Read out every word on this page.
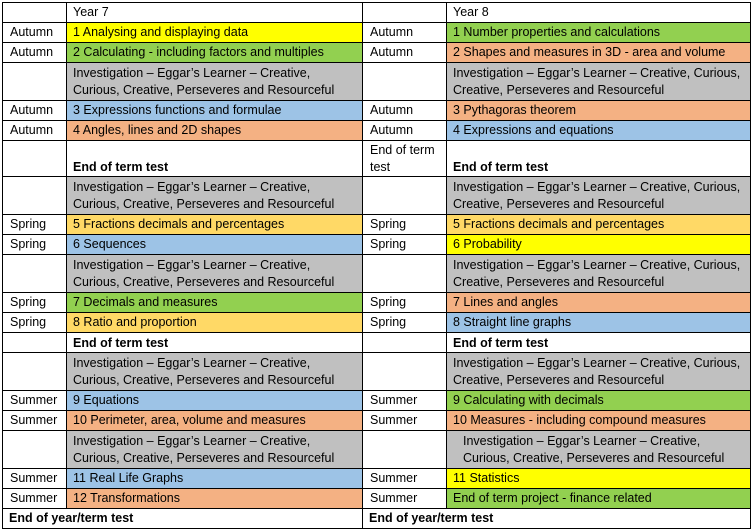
	Year 7		Year 8
Autumn	1 Analysing and displaying data	Autumn	1 Number properties and calculations
Autumn	2 Calculating - including factors and multiples	Autumn	2 Shapes and measures in 3D - area and volume
	Investigation – Eggar’s Learner – Creative, Curious, Creative, Perseveres and Resourceful		Investigation – Eggar’s Learner – Creative, Curious, Creative, Perseveres and Resourceful
Autumn	3 Expressions functions and formulae	Autumn	3 Pythagoras theorem
Autumn	4 Angles, lines and 2D shapes	Autumn	4 Expressions and equations
	End of term test	End of term test	End of term test
	Investigation – Eggar’s Learner – Creative, Curious, Creative, Perseveres and Resourceful		Investigation – Eggar’s Learner – Creative, Curious, Creative, Perseveres and Resourceful
Spring	5 Fractions decimals and percentages	Spring	5 Fractions decimals and percentages
Spring	6 Sequences	Spring	6 Probability
	Investigation – Eggar’s Learner – Creative, Curious, Creative, Perseveres and Resourceful		Investigation – Eggar’s Learner – Creative, Curious, Creative, Perseveres and Resourceful
Spring	7 Decimals and measures	Spring	7 Lines and angles
Spring	8 Ratio and proportion	Spring	8 Straight line graphs
	End of term test		End of term test
	Investigation – Eggar’s Learner – Creative, Curious, Creative, Perseveres and Resourceful		Investigation – Eggar’s Learner – Creative, Curious, Creative, Perseveres and Resourceful
Summer	9 Equations	Summer	9 Calculating with decimals
Summer	10 Perimeter, area, volume and measures	Summer	10 Measures - including compound measures
	Investigation – Eggar’s Learner – Creative, Curious, Creative, Perseveres and Resourceful		Investigation – Eggar’s Learner – Creative, Curious, Creative, Perseveres and Resourceful
Summer	11 Real Life Graphs	Summer	11 Statistics
Summer	12 Transformations	Summer	End of term project - finance related
End of year/term test		End of year/term test	
